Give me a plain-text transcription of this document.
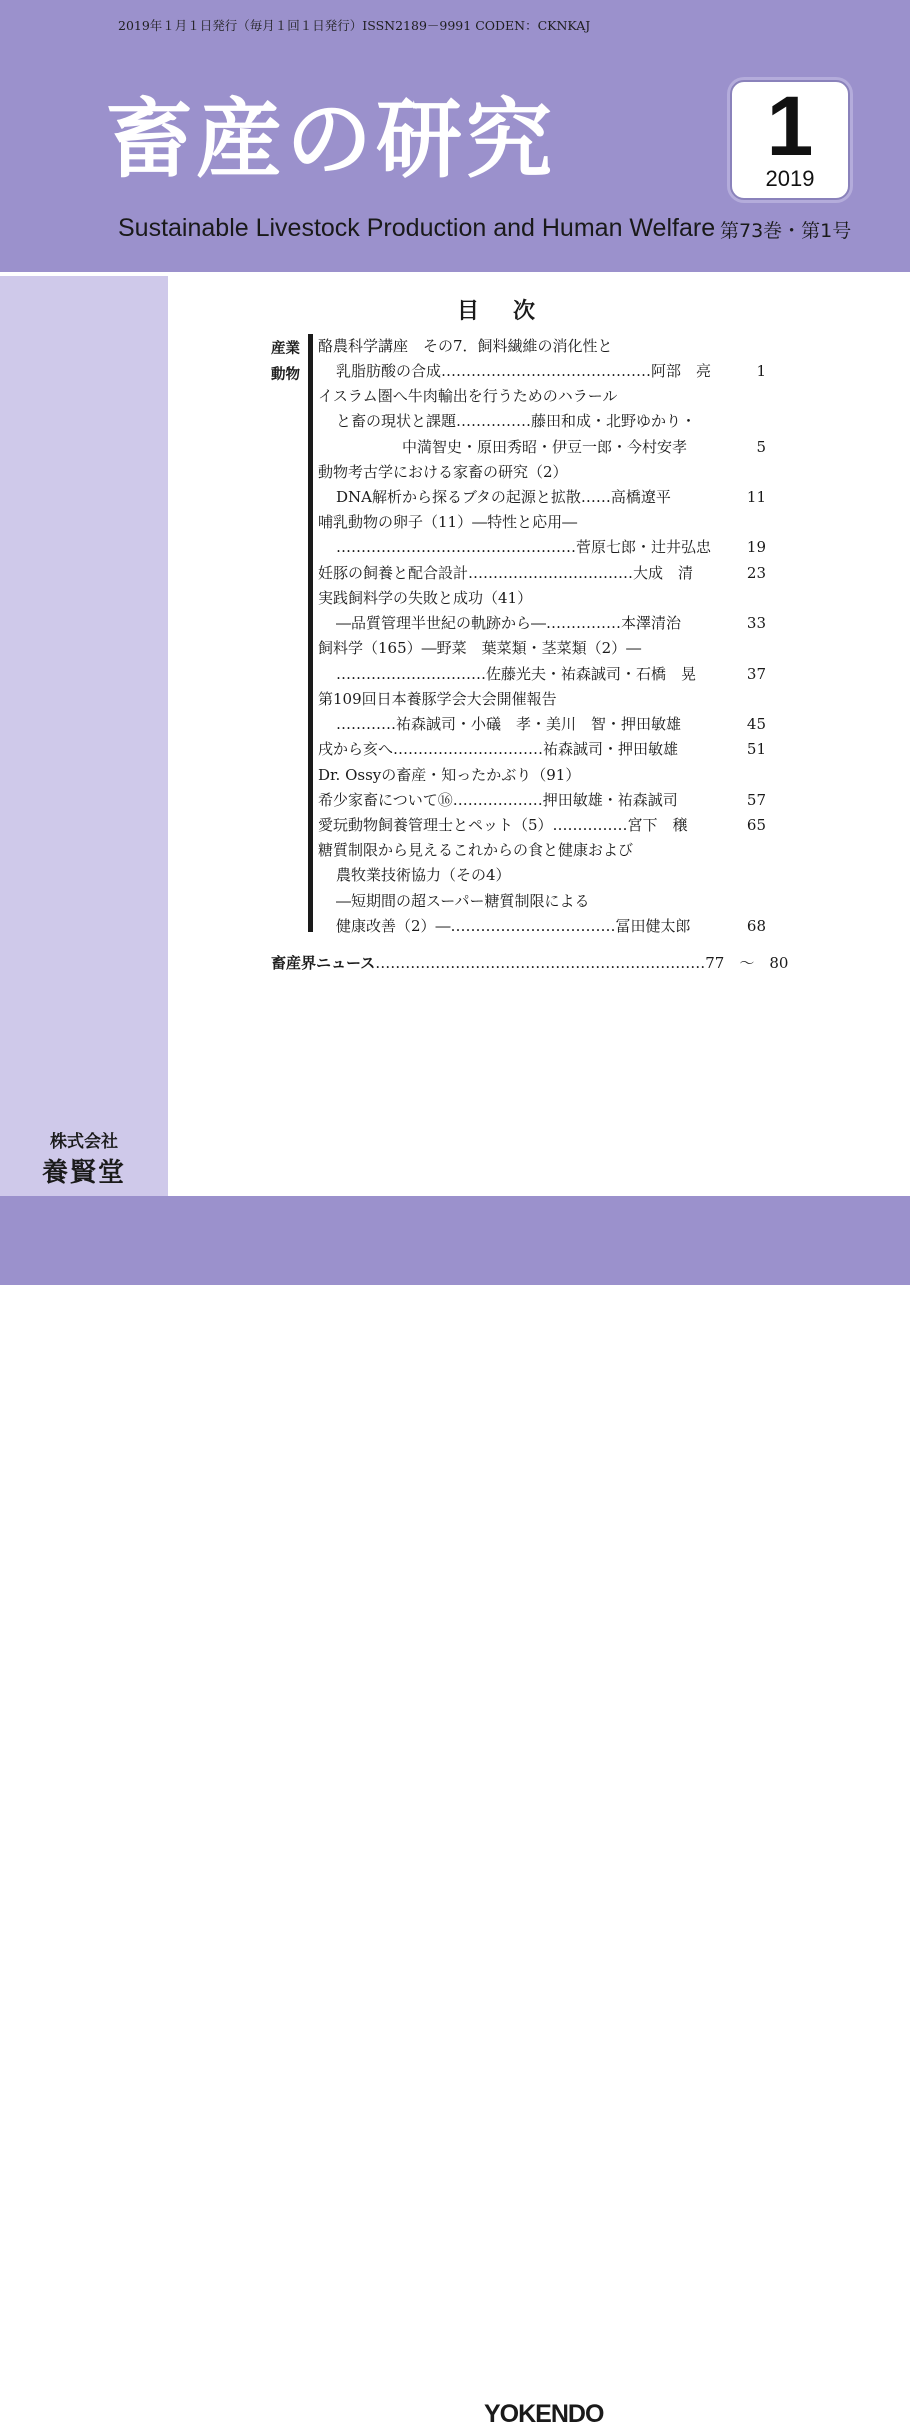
2019年１月１日発行（毎月１回１日発行）ISSN2189－9991 CODEN：CKNKAJ
畜産の研究
Sustainable Livestock Production and Human Welfare
1
2019
第73巻・第1号
株式会社
養賢堂
目次
産業
動物
酪農科学講座　その7．飼料繊維の消化性と
乳脂肪酸の合成……………………………………阿部　亮	1
イスラム圏へ牛肉輸出を行うためのハラール
と畜の現状と課題……………藤田和成・北野ゆかり・
中満智史・原田秀昭・伊豆一郎・今村安孝	5
動物考古学における家畜の研究（2）
DNA解析から探るブタの起源と拡散……高橋遼平	11
哺乳動物の卵子（11）―特性と応用―
…………………………………………菅原七郎・辻井弘忠	19
妊豚の飼養と配合設計……………………………大成　清	23
実践飼料学の失敗と成功（41）
―品質管理半世紀の軌跡から―……………本澤清治	33
飼料学（165）―野菜　葉菜類・茎菜類（2）―
…………………………佐藤光夫・祐森誠司・石橋　晃	37
第109回日本養豚学会大会開催報告
…………祐森誠司・小礒　孝・美川　智・押田敏雄	45
戌から亥へ…………………………祐森誠司・押田敏雄	51
Dr. Ossyの畜産・知ったかぶり（91）
希少家畜について⑯………………押田敏雄・祐森誠司	57
愛玩動物飼養管理士とペット（5）……………宮下　穣	65
糖質制限から見えるこれからの食と健康および
農牧業技術協力（その4）
―短期間の超スーパー糖質制限による
健康改善（2）―……………………………冨田健太郎	68
畜産界ニュース…………………………………………………………77　～　80
YOKENDO
